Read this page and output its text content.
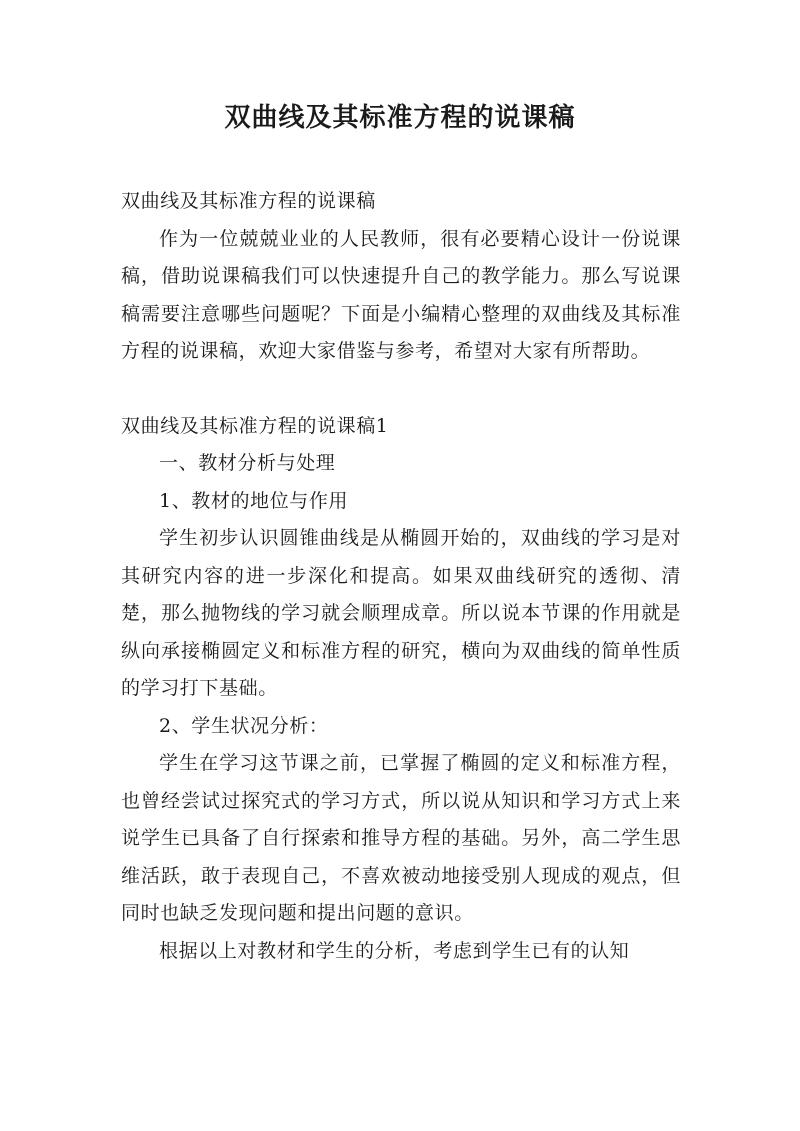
双曲线及其标准方程的说课稿

双曲线及其标准方程的说课稿

作为一位兢兢业业的人民教师，很有必要精心设计一份说课稿，借助说课稿我们可以快速提升自己的教学能力。那么写说课稿需要注意哪些问题呢？下面是小编精心整理的双曲线及其标准方程的说课稿，欢迎大家借鉴与参考，希望对大家有所帮助。

双曲线及其标准方程的说课稿1

一、教材分析与处理

1、教材的地位与作用

学生初步认识圆锥曲线是从椭圆开始的，双曲线的学习是对其研究内容的进一步深化和提高。如果双曲线研究的透彻、清楚，那么抛物线的学习就会顺理成章。所以说本节课的作用就是纵向承接椭圆定义和标准方程的研究，横向为双曲线的简单性质的学习打下基础。

2、学生状况分析：

学生在学习这节课之前，已掌握了椭圆的定义和标准方程，也曾经尝试过探究式的学习方式，所以说从知识和学习方式上来说学生已具备了自行探索和推导方程的基础。另外，高二学生思维活跃，敢于表现自己，不喜欢被动地接受别人现成的观点，但同时也缺乏发现问题和提出问题的意识。

根据以上对教材和学生的分析，考虑到学生已有的认知
